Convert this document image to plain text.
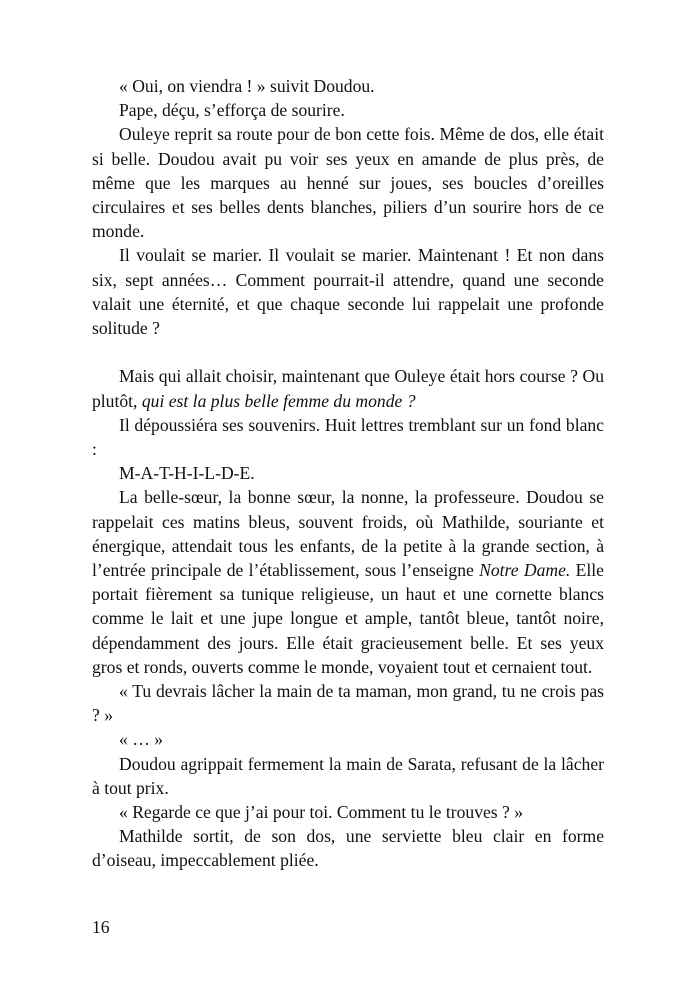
« Oui, on viendra ! » suivit Doudou.

Pape, déçu, s’efforça de sourire.

Ouleye reprit sa route pour de bon cette fois. Même de dos, elle était si belle. Doudou avait pu voir ses yeux en amande de plus près, de même que les marques au henné sur joues, ses boucles d’oreilles circulaires et ses belles dents blanches, piliers d’un sourire hors de ce monde.

Il voulait se marier. Il voulait se marier. Maintenant ! Et non dans six, sept années… Comment pourrait-il attendre, quand une seconde valait une éternité, et que chaque seconde lui rappelait une profonde solitude ?

Mais qui allait choisir, maintenant que Ouleye était hors course ? Ou plutôt, qui est la plus belle femme du monde ?

Il dépoussiéra ses souvenirs. Huit lettres tremblant sur un fond blanc :

M-A-T-H-I-L-D-E.

La belle-sœur, la bonne sœur, la nonne, la professeure. Doudou se rappelait ces matins bleus, souvent froids, où Mathilde, souriante et énergique, attendait tous les enfants, de la petite à la grande section, à l’entrée principale de l’établissement, sous l’enseigne Notre Dame. Elle portait fièrement sa tunique religieuse, un haut et une cornette blancs comme le lait et une jupe longue et ample, tantôt bleue, tantôt noire, dépendamment des jours. Elle était gracieusement belle. Et ses yeux gros et ronds, ouverts comme le monde, voyaient tout et cernaient tout.

« Tu devrais lâcher la main de ta maman, mon grand, tu ne crois pas ? »

« … »

Doudou agrippait fermement la main de Sarata, refusant de la lâcher à tout prix.

« Regarde ce que j’ai pour toi. Comment tu le trouves ? »

Mathilde sortit, de son dos, une serviette bleu clair en forme d’oiseau, impeccablement pliée.

16
